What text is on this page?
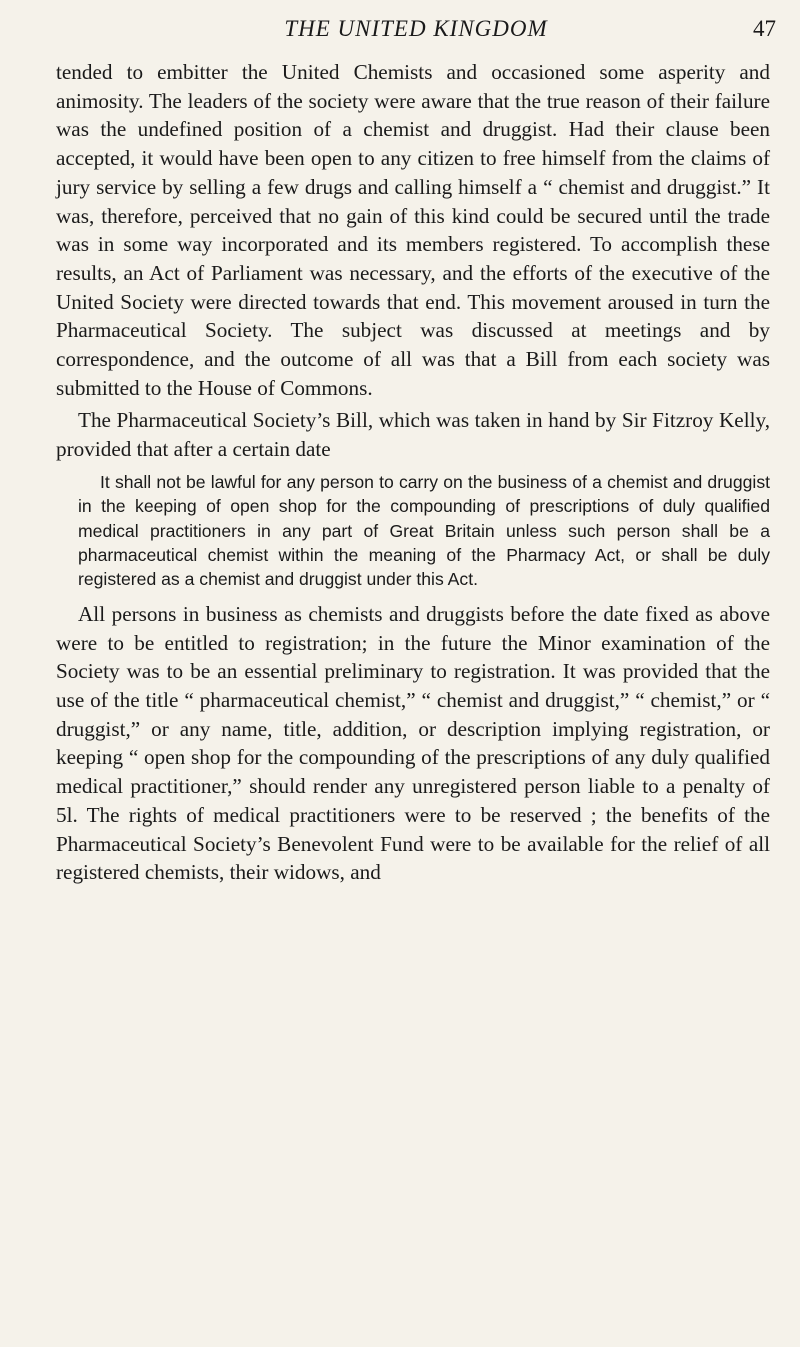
THE UNITED KINGDOM	47

tended to embitter the United Chemists and occasioned some asperity and animosity. The leaders of the society were aware that the true reason of their failure was the undefined position of a chemist and druggist. Had their clause been accepted, it would have been open to any citizen to free himself from the claims of jury service by selling a few drugs and calling himself a “ chemist and druggist.” It was, therefore, perceived that no gain of this kind could be secured until the trade was in some way incorporated and its members registered. To accomplish these results, an Act of Parliament was necessary, and the efforts of the executive of the United Society were directed towards that end. This movement aroused in turn the Pharmaceutical Society. The subject was discussed at meetings and by correspondence, and the outcome of all was that a Bill from each society was submitted to the House of Commons.

The Pharmaceutical Society’s Bill, which was taken in hand by Sir Fitzroy Kelly, provided that after a certain date

It shall not be lawful for any person to carry on the business of a chemist and druggist in the keeping of open shop for the compounding of prescriptions of duly qualified medical practitioners in any part of Great Britain unless such person shall be a pharmaceutical chemist within the meaning of the Pharmacy Act, or shall be duly registered as a chemist and druggist under this Act.

All persons in business as chemists and druggists before the date fixed as above were to be entitled to registration; in the future the Minor examination of the Society was to be an essential preliminary to registration. It was provided that the use of the title “ pharmaceutical chemist,” “ chemist and druggist,” “ chemist,” or “ druggist,” or any name, title, addition, or description implying registration, or keeping “ open shop for the compounding of the prescriptions of any duly qualified medical practitioner,” should render any unregistered person liable to a penalty of 5l. The rights of medical practitioners were to be reserved ; the benefits of the Pharmaceutical Society’s Benevolent Fund were to be available for the relief of all registered chemists, their widows, and
